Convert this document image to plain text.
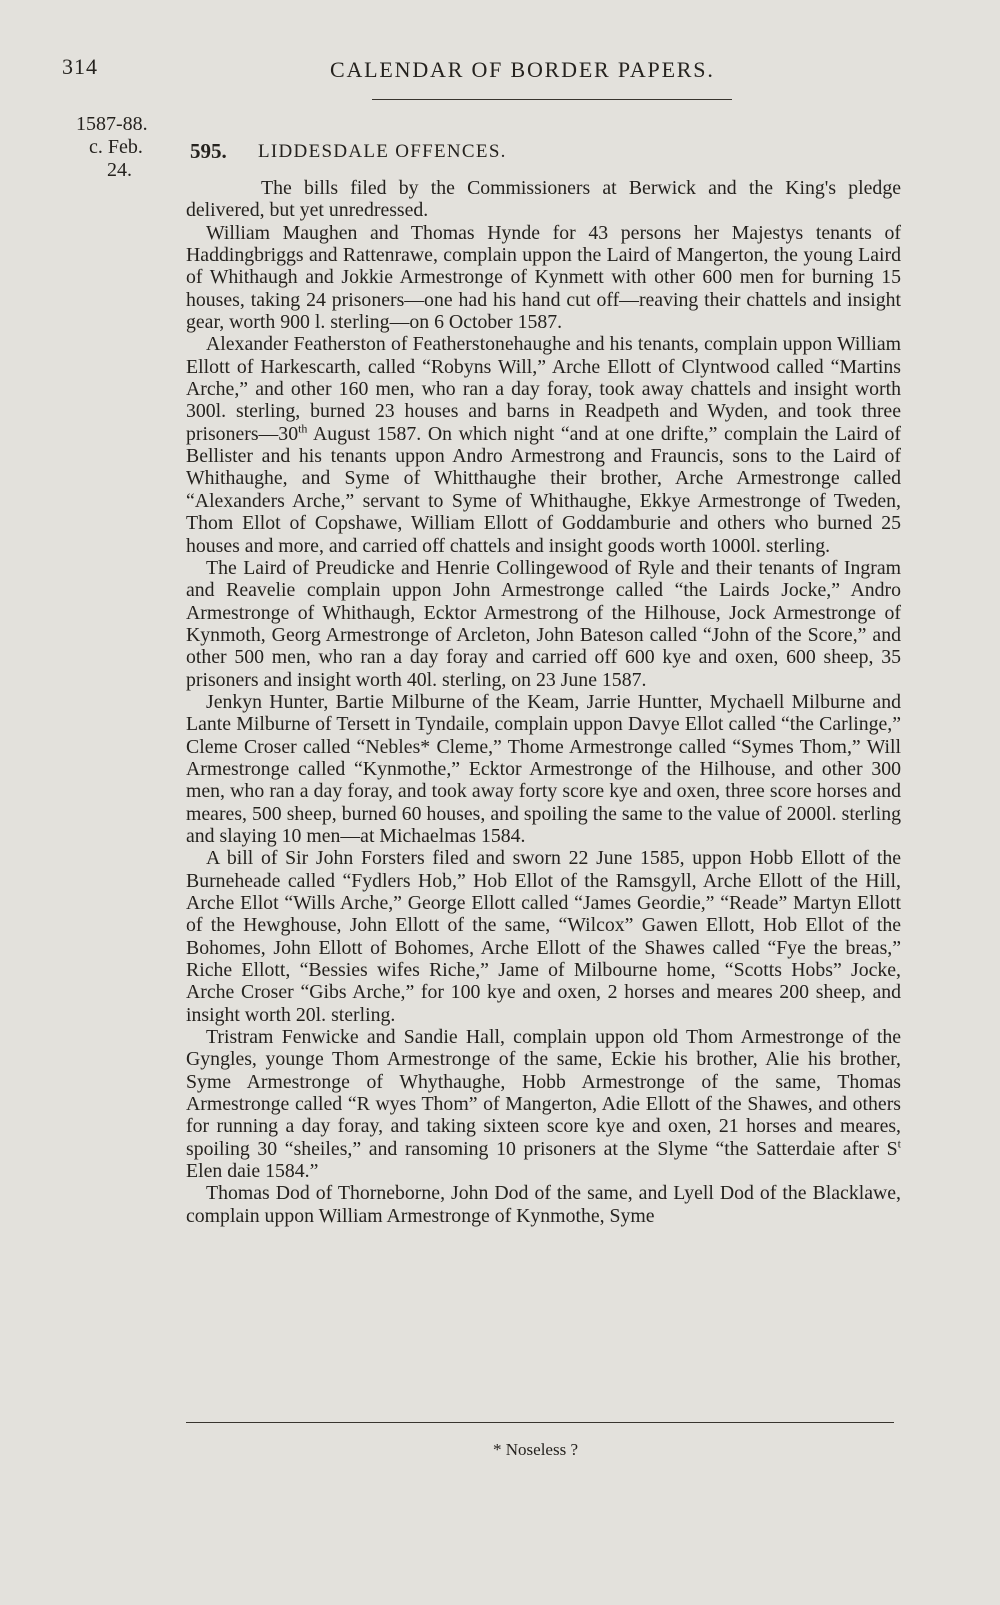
314	CALENDAR OF BORDER PAPERS.
1587-88.
c. Feb.
24.
595. LIDDESDALE OFFENCES.

The bills filed by the Commissioners at Berwick and the King's pledge delivered, but yet unredressed.

William Maughen and Thomas Hynde for 43 persons her Majestys tenants of Haddingbriggs and Rattenrawe, complain uppon the Laird of Mangerton, the young Laird of Whithaugh and Jokkie Armestronge of Kynmett with other 600 men for burning 15 houses, taking 24 prisoners—one had his hand cut off—reaving their chattels and insight gear, worth 900 l. sterling—on 6 October 1587.

Alexander Featherston of Featherstonehaughe and his tenants, complain uppon William Ellott of Harkescarth, called “Robyns Will,” Arche Ellott of Clyntwood called “Martins Arche,” and other 160 men, who ran a day foray, took away chattels and insight worth 300l. sterling, burned 23 houses and barns in Readpeth and Wyden, and took three prisoners—30th August 1587. On which night “and at one drifte,” complain the Laird of Bellister and his tenants uppon Andro Armestrong and Frauncis, sons to the Laird of Whithaughe, and Syme of Whitthaughe their brother, Arche Armestronge called “Alexanders Arche,” servant to Syme of Whithaughe, Ekkye Armestronge of Tweden, Thom Ellot of Copshawe, William Ellott of Goddamburie and others who burned 25 houses and more, and carried off chattels and insight goods worth 1000l. sterling.

The Laird of Preudicke and Henrie Collingewood of Ryle and their tenants of Ingram and Reavelie complain uppon John Armestronge called “the Lairds Jocke,” Andro Armestronge of Whithaugh, Ecktor Armestrong of the Hilhouse, Jock Armestronge of Kynmoth, Georg Armestronge of Arcleton, John Bateson called “John of the Score,” and other 500 men, who ran a day foray and carried off 600 kye and oxen, 600 sheep, 35 prisoners and insight worth 40l. sterling, on 23 June 1587.

Jenkyn Hunter, Bartie Milburne of the Keam, Jarrie Huntter, Mychaell Milburne and Lante Milburne of Tersett in Tyndaile, complain uppon Davye Ellot called “the Carlinge,” Cleme Croser called “Nebles* Cleme,” Thome Armestronge called “Symes Thom,” Will Armestronge called “Kynmothe,” Ecktor Armestronge of the Hilhouse, and other 300 men, who ran a day foray, and took away forty score kye and oxen, three score horses and meares, 500 sheep, burned 60 houses, and spoiling the same to the value of 2000l. sterling and slaying 10 men—at Michaelmas 1584.

A bill of Sir John Forsters filed and sworn 22 June 1585, uppon Hobb Ellott of the Burneheade called “Fydlers Hob,” Hob Ellot of the Ramsgyll, Arche Ellott of the Hill, Arche Ellot “Wills Arche,” George Ellott called “James Geordie,” “Reade” Martyn Ellott of the Hewghouse, John Ellott of the same, “Wilcox” Gawen Ellott, Hob Ellot of the Bohomes, John Ellott of Bohomes, Arche Ellott of the Shawes called “Fye the breas,” Riche Ellott, “Bessies wifes Riche,” Jame of Milbourne home, “Scotts Hobs” Jocke, Arche Croser “Gibs Arche,” for 100 kye and oxen, 2 horses and meares 200 sheep, and insight worth 20l. sterling.

Tristram Fenwicke and Sandie Hall, complain uppon old Thom Armestronge of the Gyngles, younge Thom Armestronge of the same, Eckie his brother, Alie his brother, Syme Armestronge of Whythaughe, Hobb Armestronge of the same, Thomas Armestronge called “R wyes Thom” of Mangerton, Adie Ellott of the Shawes, and others for running a day foray, and taking sixteen score kye and oxen, 21 horses and meares, spoiling 30 “sheiles,” and ransoming 10 prisoners at the Slyme “the Satterdaie after $S^t$ Elen daie 1584.”

Thomas Dod of Thorneborne, John Dod of the same, and Lyell Dod of the Blacklawe, complain uppon William Armestronge of Kynmothe, Syme

* Noseless ?
